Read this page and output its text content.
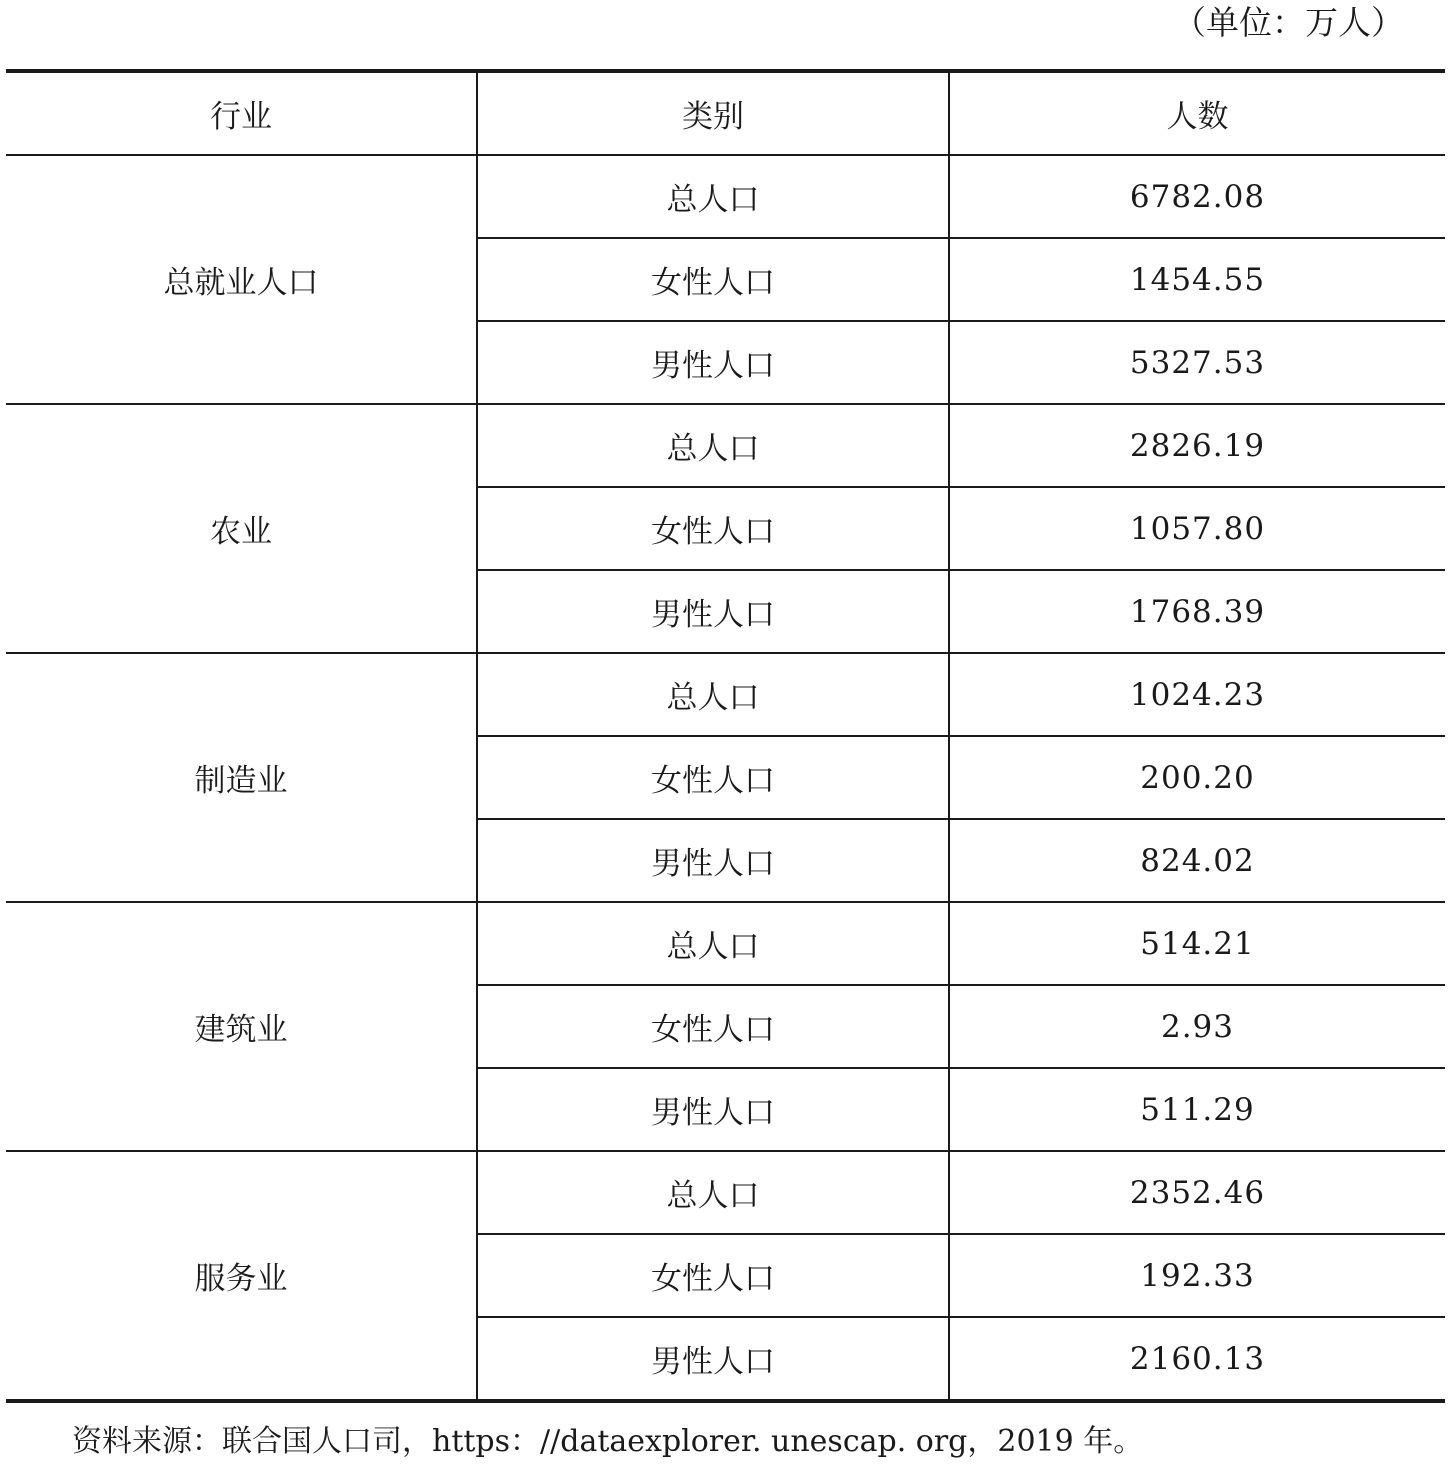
（单位：万人）
行业	类别	人数
总就业人口	总人口	6782.08
	女性人口	1454.55
	男性人口	5327.53
农业	总人口	2826.19
	女性人口	1057.80
	男性人口	1768.39
制造业	总人口	1024.23
	女性人口	200.20
	男性人口	824.02
建筑业	总人口	514.21
	女性人口	2.93
	男性人口	511.29
服务业	总人口	2352.46
	女性人口	192.33
	男性人口	2160.13
资料来源：联合国人口司，https：//dataexplorer. unescap. org，2019 年。
